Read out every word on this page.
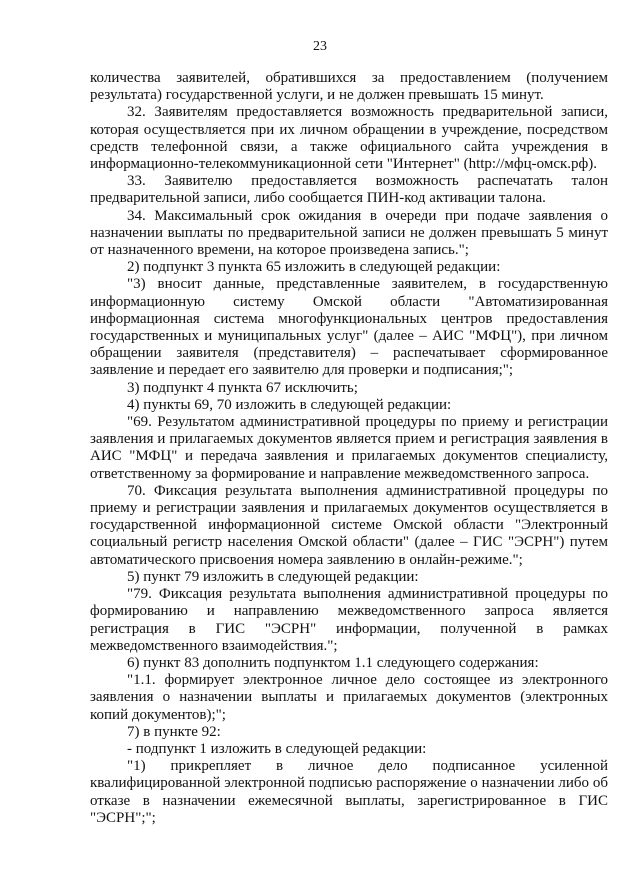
23

количества заявителей, обратившихся за предоставлением (получением результата) государственной услуги, и не должен превышать 15 минут.

32. Заявителям предоставляется возможность предварительной записи, которая осуществляется при их личном обращении в учреждение, посредством средств телефонной связи, а также официального сайта учреждения в информационно-телекоммуникационной сети "Интернет" (http://мфц-омск.рф).

33. Заявителю предоставляется возможность распечатать талон предварительной записи, либо сообщается ПИН-код активации талона.

34. Максимальный срок ожидания в очереди при подаче заявления о назначении выплаты по предварительной записи не должен превышать 5 минут от назначенного времени, на которое произведена запись.";

2) подпункт 3 пункта 65 изложить в следующей редакции:

"3) вносит данные, представленные заявителем, в государственную информационную систему Омской области "Автоматизированная информационная система многофункциональных центров предоставления государственных и муниципальных услуг" (далее – АИС "МФЦ"), при личном обращении заявителя (представителя) – распечатывает сформированное заявление и передает его заявителю для проверки и подписания;";

3) подпункт 4 пункта 67 исключить;

4) пункты 69, 70 изложить в следующей редакции:

"69. Результатом административной процедуры по приему и регистрации заявления и прилагаемых документов является прием и регистрация заявления в АИС "МФЦ" и передача заявления и прилагаемых документов специалисту, ответственному за формирование и направление межведомственного запроса.

70. Фиксация результата выполнения административной процедуры по приему и регистрации заявления и прилагаемых документов осуществляется в государственной информационной системе Омской области "Электронный социальный регистр населения Омской области" (далее – ГИС "ЭСРН") путем автоматического присвоения номера заявлению в онлайн-режиме.";

5) пункт 79 изложить в следующей редакции:

"79. Фиксация результата выполнения административной процедуры по формированию и направлению межведомственного запроса является регистрация в ГИС "ЭСРН" информации, полученной в рамках межведомственного взаимодействия.";

6) пункт 83 дополнить подпунктом 1.1 следующего содержания:

"1.1. формирует электронное личное дело состоящее из электронного заявления о назначении выплаты и прилагаемых документов (электронных копий документов);";

7) в пункте 92:

- подпункт 1 изложить в следующей редакции:

"1) прикрепляет в личное дело подписанное усиленной квалифицированной электронной подписью распоряжение о назначении либо об отказе в назначении ежемесячной выплаты, зарегистрированное в ГИС "ЭСРН";";
